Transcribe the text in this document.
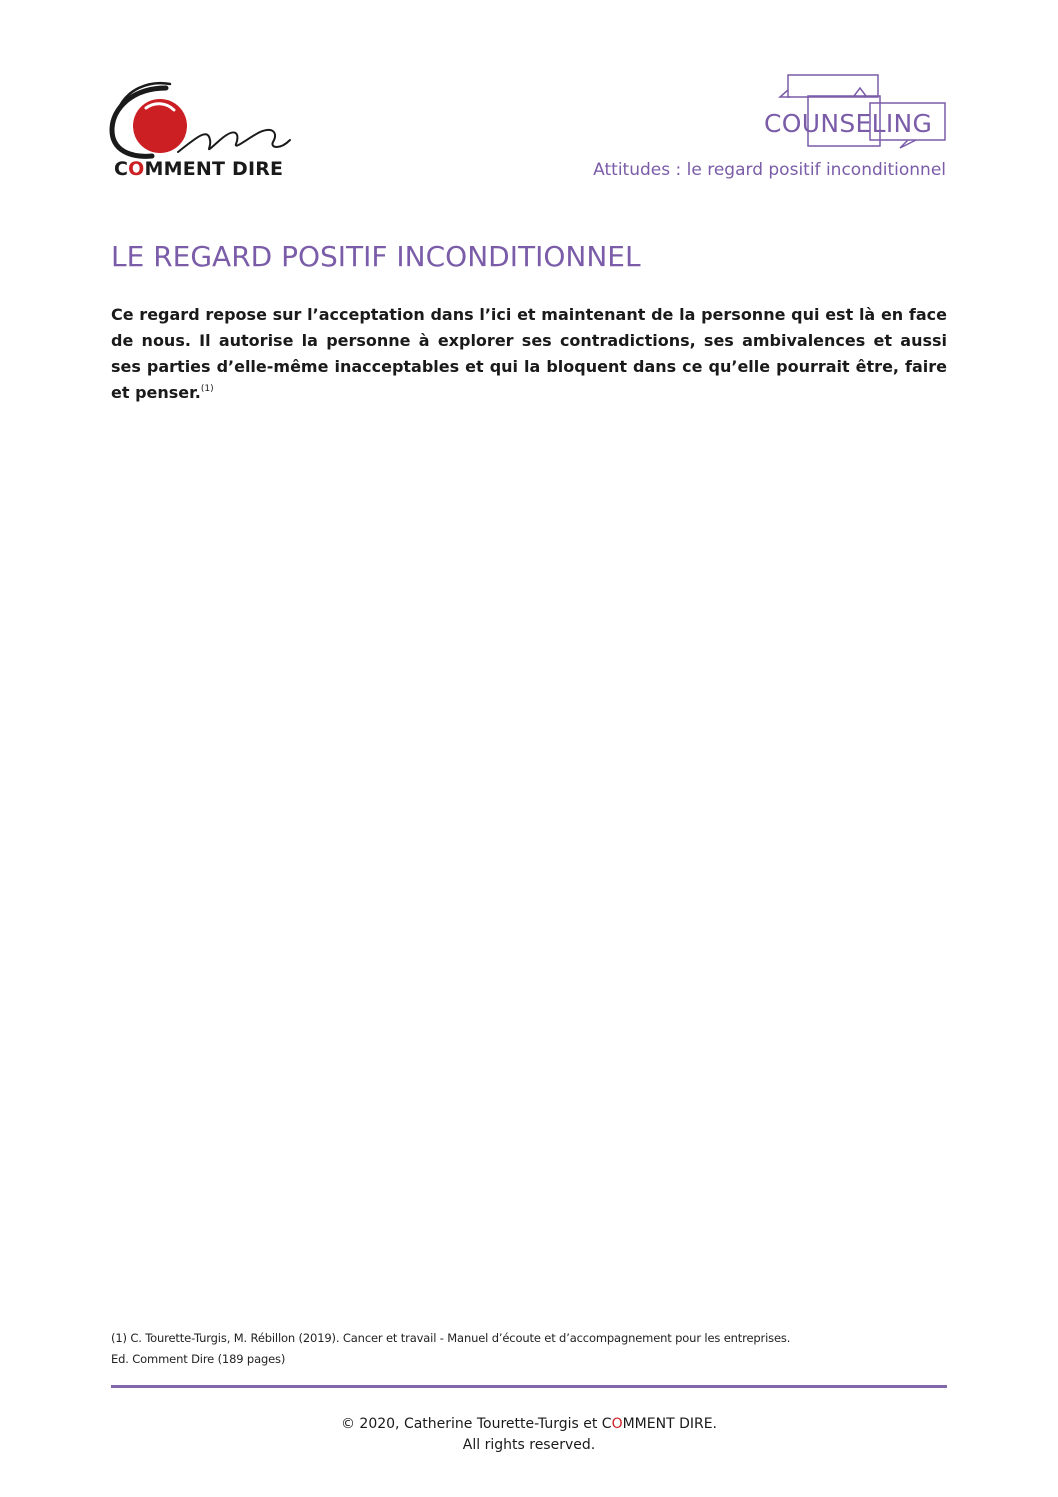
COMMENT DIRE
COUNSELING
Attitudes : le regard positif inconditionnel
LE REGARD POSITIF INCONDITIONNEL

Ce regard repose sur l’acceptation dans l’ici et maintenant de la personne qui est là en face de nous. Il autorise la personne à explorer ses contradictions, ses ambivalences et aussi ses parties d’elle-même inacceptables et qui la bloquent dans ce qu’elle pourrait être, faire et penser.$^{(1)}$

(1) C. Tourette-Turgis, M. Rébillon (2019). Cancer et travail - Manuel d’écoute et d’accompagnement pour les entreprises.
Ed. Comment Dire (189 pages)
© 2020, Catherine Tourette-Turgis et COMMENT DIRE.
All rights reserved.
